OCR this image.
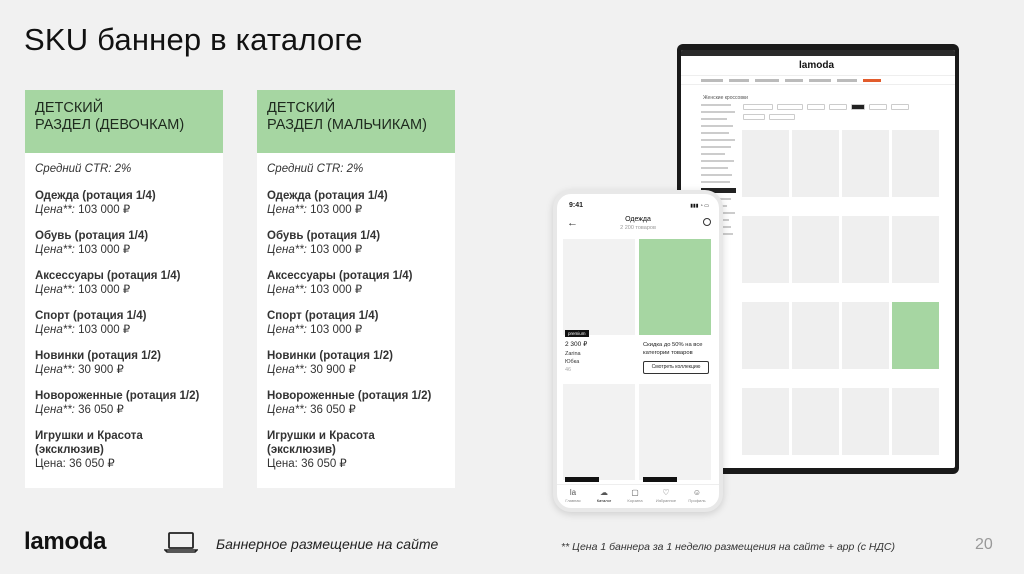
SKU баннер в каталоге
ДЕТСКИЙ
РАЗДЕЛ (ДЕВОЧКАМ)
Средний CTR: 2%
Одежда (ротация 1/4)
Цена**: 103 000 ₽
Обувь (ротация 1/4)
Цена**: 103 000 ₽
Аксессуары (ротация 1/4)
Цена**: 103 000 ₽
Спорт (ротация 1/4)
Цена**: 103 000 ₽
Новинки (ротация 1/2)
Цена**: 30 900 ₽
Новороженные (ротация 1/2)
Цена**: 36 050 ₽
Игрушки и Красота (эксклюзив)
Цена: 36 050 ₽
ДЕТСКИЙ
РАЗДЕЛ (МАЛЬЧИКАМ)
Средний CTR: 2%
Одежда (ротация 1/4)
Цена**: 103 000 ₽
Обувь (ротация 1/4)
Цена**: 103 000 ₽
Аксессуары (ротация 1/4)
Цена**: 103 000 ₽
Спорт (ротация 1/4)
Цена**: 103 000 ₽
Новинки (ротация 1/2)
Цена**: 30 900 ₽
Новороженные (ротация 1/2)
Цена**: 36 050 ₽
Игрушки и Красота (эксклюзив)
Цена: 36 050 ₽
lamoda
Женские кроссовки
9:41	▮▮▮ ◔ ▭
←	Одежда
2 200 товаров
premium
2 300 ₽
Zarina
Юбка
46
Скидка до 50% на все категории товаров
Смотреть коллекцию
la
Главная
☁
Каталог
▢
Корзина
♡
Избранное
☺
Профиль
lamoda	Баннерное размещение на сайте	** Цена 1 баннера за 1 неделю размещения на сайте + app (с НДС)	20
